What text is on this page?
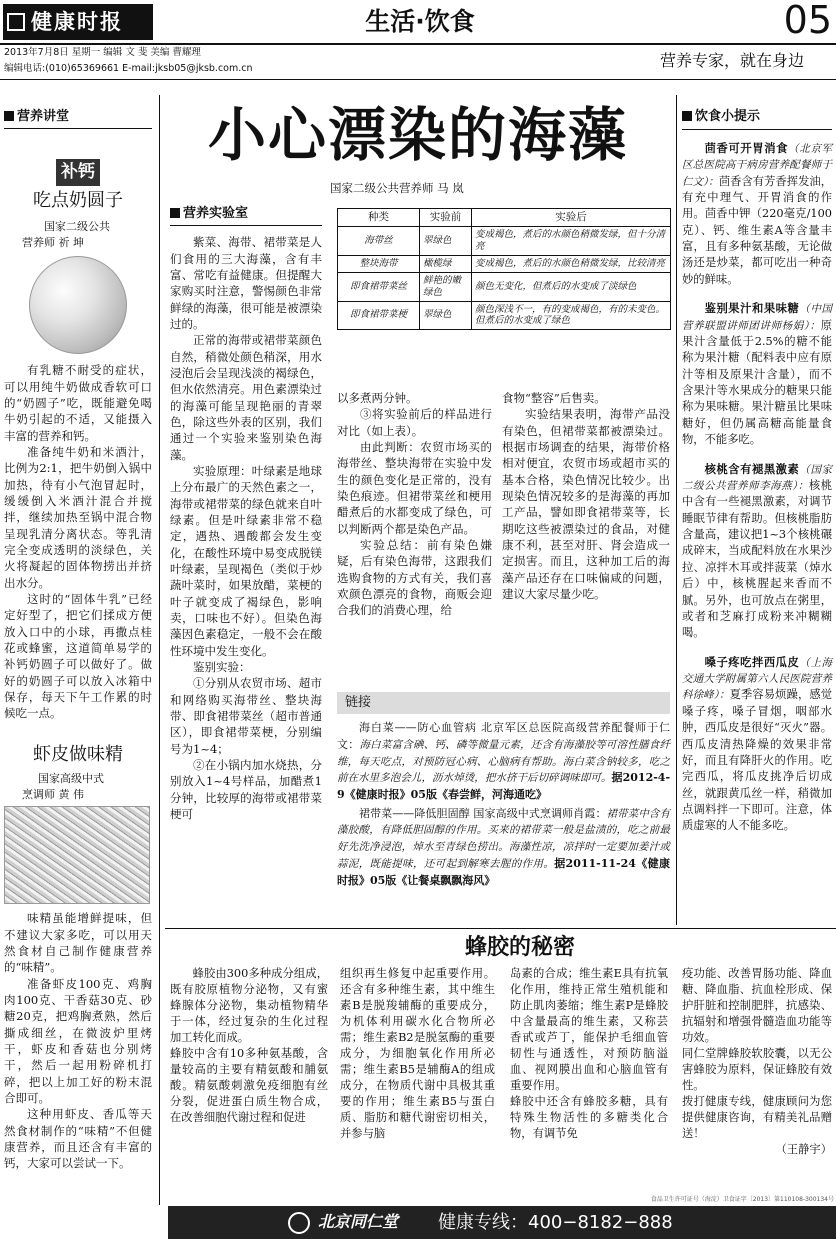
健康时报	生活·饮食	05
2013年7月8日 星期一 编辑 文 斐 美编 曹耀理
编辑电话:(010)65369661 E-mail:jksb05@jksb.com.cn	营养专家，就在身边
营养讲堂
补钙
吃点奶圆子
国家二级公共
营养师 祈 坤

有乳糖不耐受的症状，可以用纯牛奶做成香软可口的“奶圆子”吃，既能避免喝牛奶引起的不适，又能摄入丰富的营养和钙。

准备纯牛奶和米酒汁，比例为2:1，把牛奶倒入锅中加热，待有小气泡冒起时，缓缓倒入米酒汁混合并搅拌，继续加热至锅中混合物呈现乳清分离状态。等乳清完全变成透明的淡绿色，关火将凝起的固体物捞出并挤出水分。

这时的“固体牛乳”已经定好型了，把它们揉成方便放入口中的小球，再撒点桂花或蜂蜜，这道简单易学的补钙奶圆子可以做好了。做好的奶圆子可以放入冰箱中保存，每天下午工作累的时候吃一点。

虾皮做味精
国家高级中式
烹调师 黄 伟

味精虽能增鲜提味，但不建议大家多吃，可以用天然食材自己制作健康营养的“味精”。

准备虾皮100克、鸡胸肉100克、干香菇30克、砂糖20克，把鸡胸煮熟，然后撕成细丝，在微波炉里烤干，虾皮和香菇也分别烤干，然后一起用粉碎机打碎，把以上加工好的粉末混合即可。

这种用虾皮、香瓜等天然食材制作的“味精”不但健康营养，而且还含有丰富的钙，大家可以尝试一下。

小心漂染的海藻
国家二级公共营养师 马 岚
营养实验室

紫菜、海带、裙带菜是人们食用的三大海藻，含有丰富、常吃有益健康。但提醒大家购买时注意，警惕颜色非常鲜绿的海藻，很可能是被漂染过的。

正常的海带或裙带菜颜色自然，稍微处颜色稍深，用水浸泡后会呈现浅淡的褐绿色，但水依然清亮。用色素漂染过的海藻可能呈现艳丽的青翠色，除这些外表的区别，我们通过一个实验来鉴别染色海藻。

实验原理：叶绿素是地球上分布最广的天然色素之一，海带或裙带菜的绿色就来自叶绿素。但是叶绿素非常不稳定，遇热、遇酸都会发生变化，在酸性环境中易变成脱镁叶绿素，呈现褐色（类似于炒蔬叶菜时，如果放醋，菜梗的叶子就变成了褐绿色，影响卖，口味也不好）。但染色海藻因色素稳定，一般不会在酸性环境中发生变化。

鉴别实验：

①分别从农贸市场、超市和网络购买海带丝、整块海带、即食裙带菜丝（超市普通区），即食裙带菜梗，分别编号为1~4；

②在小锅内加水烧热，分别放入1~4号样品，加醋煮1分钟，比较厚的海带或裙带菜梗可

种类	实验前	实验后
海带丝	翠绿色	变成褐色，煮后的水颜色稍微发绿，但十分清亮
整块海带	橄榄绿	变成褐色，煮后的水颜色稍微发绿，比较清亮
即食裙带菜丝	鲜艳的嫩绿色	颜色无变化，但煮后的水变成了淡绿色
即食裙带菜梗	翠绿色	颜色深浅不一，有的变成褐色，有的未变色。但煮后的水变成了绿色

以多煮两分钟。

③将实验前后的样品进行对比（如上表）。

由此判断：农贸市场买的海带丝、整块海带在实验中发生的颜色变化是正常的，没有染色痕迹。但裙带菜丝和梗用醋煮后的水都变成了绿色，可以判断两个都是染色产品。

实验总结：前有染色嫌疑，后有染色海带，这跟我们选购食物的方式有关，我们喜欢颜色漂亮的食物，商贩会迎合我们的消费心理，给

食物“整容”后售卖。

实验结果表明，海带产品没有染色，但裙带菜都被漂染过。根据市场调查的结果，海带价格相对便宜，农贸市场或超市买的基本合格，染色情况比较少。出现染色情况较多的是海藻的再加工产品，譬如即食裙带菜等，长期吃这些被漂染过的食品，对健康不利，甚至对肝、肾会造成一定损害。而且，这种加工后的海藻产品还存在口味偏咸的问题，建议大家尽量少吃。

链接

海白菜——防心血管病 北京军区总医院高级营养配餐师于仁文：海白菜富含碘、钙、磷等微量元素，还含有海藻胶等可溶性膳食纤维，每天吃点，对预防冠心病、心脑病有帮助。海白菜含钠较多，吃之前在水里多泡会儿，沥水焯烫，把水挤干后切碎调味即可。据2012-4-9《健康时报》05版《春尝鲜，河海通吃》

裙带菜——降低胆固醇 国家高级中式烹调师肖霞：裙带菜中含有藻胶酸，有降低胆固醇的作用。买来的裙带菜一般是盐渍的，吃之前最好先洗净浸泡，焯水至青绿色捞出。海藻性凉，凉拌时一定要加姜汁或蒜泥，既能提味，还可起到解寒去腥的作用。据2011-11-24《健康时报》05版《让餐桌飘飘海风》

饮食小提示

茴香可开胃消食（北京军区总医院高干病房营养配餐师于仁文）：茴香含有芳香挥发油，有充中理气、开胃消食的作用。茴香中钾（220毫克/100克）、钙、维生素A等含量丰富，且有多种氨基酸，无论做汤还是炒菜，都可吃出一种奇妙的鲜味。

鉴别果汁和果味糖（中国营养联盟讲师团讲师杨娟）：原果汁含量低于2.5%的糖不能称为果汁糖（配料表中应有原汁等相及原果汁含量），而不含果汁等水果成分的糖果只能称为果味糖。果汁糖虽比果味糖好，但仍属高糖高能量食物，不能多吃。

核桃含有褪黑激素（国家二级公共营养师李海燕）：核桃中含有一些褪黑激素，对调节睡眠节律有帮助。但核桃脂肪含量高，建议把1~3个核桃碾成碎末，当成配料放在水果沙拉、凉拌木耳或拌菠菜（焯水后）中，核桃腥起来香而不腻。另外，也可放点在粥里，或者和芝麻打成粉来冲糊糊喝。

嗓子疼吃拌西瓜皮（上海交通大学附属第六人民医院营养科徐峰）：夏季容易烦躁，感觉嗓子疼，嗓子冒烟，咽部水肿，西瓜皮是很好“灭火”器。西瓜皮清热降燥的效果非常好，而且有降肝火的作用。吃完西瓜，将瓜皮挑净后切成丝，就跟黄瓜丝一样，稍微加点调料拌一下即可。注意，体质虚寒的人不能多吃。

蜂胶的秘密

蜂胶由300多种成分组成，既有胶原植物分泌物，又有蜜蜂腺体分泌物，集动植物精华于一体，经过复杂的生化过程加工转化而成。
蜂胶中含有10多种氨基酸，含量较高的主要有精氨酸和脯氨酸。精氨酸刺激免疫细胞有丝分裂，促进蛋白质生物合成，在改善细胞代谢过程和促进

组织再生修复中起重要作用。还含有多种维生素，其中维生素B是脱羧辅酶的重要成分，为机体利用碳水化合物所必需；维生素B2是脱氢酶的重要成分，为细胞氧化作用所必需；维生素B5是辅酶A的组成成分，在物质代谢中具极其重要的作用；维生素B5与蛋白质、脂肪和糖代谢密切相关，并参与脑

岛素的合成；维生素E具有抗氧化作用，维持正常生殖机能和防止肌肉萎缩；维生素P是蜂胶中含量最高的维生素，又称芸香甙或芦丁，能保护毛细血管韧性与通透性，对预防脑溢血、视网膜出血和心脑血管有重要作用。
蜂胶中还含有蜂胶多糖，具有特殊生物活性的多糖类化合物，有调节免

疫功能、改善胃肠功能、降血糖、降血脂、抗血栓形成、保护肝脏和控制肥胖，抗感染、抗辐射和增强骨髓造血功能等功效。
同仁堂牌蜂胶软胶囊，以无公害蜂胶为原料，保证蜂胶有效性。
拨打健康专线，健康顾问为您提供健康咨询，有精美礼品赠送！

（王静宇）
食品卫生许可证号（海淀）卫食证字〔2013〕第110108-300134号
北京同仁堂 健康专线：400−8182−888
